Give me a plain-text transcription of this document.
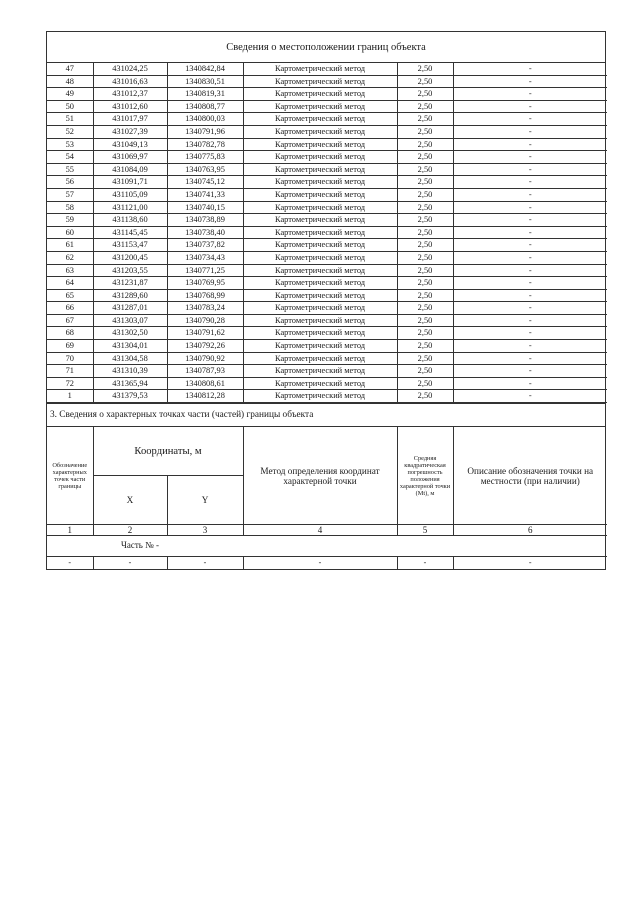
Сведения о местоположении границ объекта
47	431024,25	1340842,84	Картометрический метод	2,50	-
48	431016,63	1340830,51	Картометрический метод	2,50	-
49	431012,37	1340819,31	Картометрический метод	2,50	-
50	431012,60	1340808,77	Картометрический метод	2,50	-
51	431017,97	1340800,03	Картометрический метод	2,50	-
52	431027,39	1340791,96	Картометрический метод	2,50	-
53	431049,13	1340782,78	Картометрический метод	2,50	-
54	431069,97	1340775,83	Картометрический метод	2,50	-
55	431084,09	1340763,95	Картометрический метод	2,50	-
56	431091,71	1340745,12	Картометрический метод	2,50	-
57	431105,09	1340741,33	Картометрический метод	2,50	-
58	431121,00	1340740,15	Картометрический метод	2,50	-
59	431138,60	1340738,89	Картометрический метод	2,50	-
60	431145,45	1340738,40	Картометрический метод	2,50	-
61	431153,47	1340737,82	Картометрический метод	2,50	-
62	431200,45	1340734,43	Картометрический метод	2,50	-
63	431203,55	1340771,25	Картометрический метод	2,50	-
64	431231,87	1340769,95	Картометрический метод	2,50	-
65	431289,60	1340768,99	Картометрический метод	2,50	-
66	431287,01	1340783,24	Картометрический метод	2,50	-
67	431303,07	1340790,28	Картометрический метод	2,50	-
68	431302,50	1340791,62	Картометрический метод	2,50	-
69	431304,01	1340792,26	Картометрический метод	2,50	-
70	431304,58	1340790,92	Картометрический метод	2,50	-
71	431310,39	1340787,93	Картометрический метод	2,50	-
72	431365,94	1340808,61	Картометрический метод	2,50	-
1	431379,53	1340812,28	Картометрический метод	2,50	-
3. Сведения о характерных точках части (частей) границы объекта
Обозначение характерных точек части границы	Координаты, м		Метод определения координат характерной точки	Средняя квадратическая погрешность положения характерной точки (Мt), м	Описание обозначения точки на местности (при наличии)
	X	Y			
1	2	3	4	5	6
Часть № -
-	-	-	-	-	-
